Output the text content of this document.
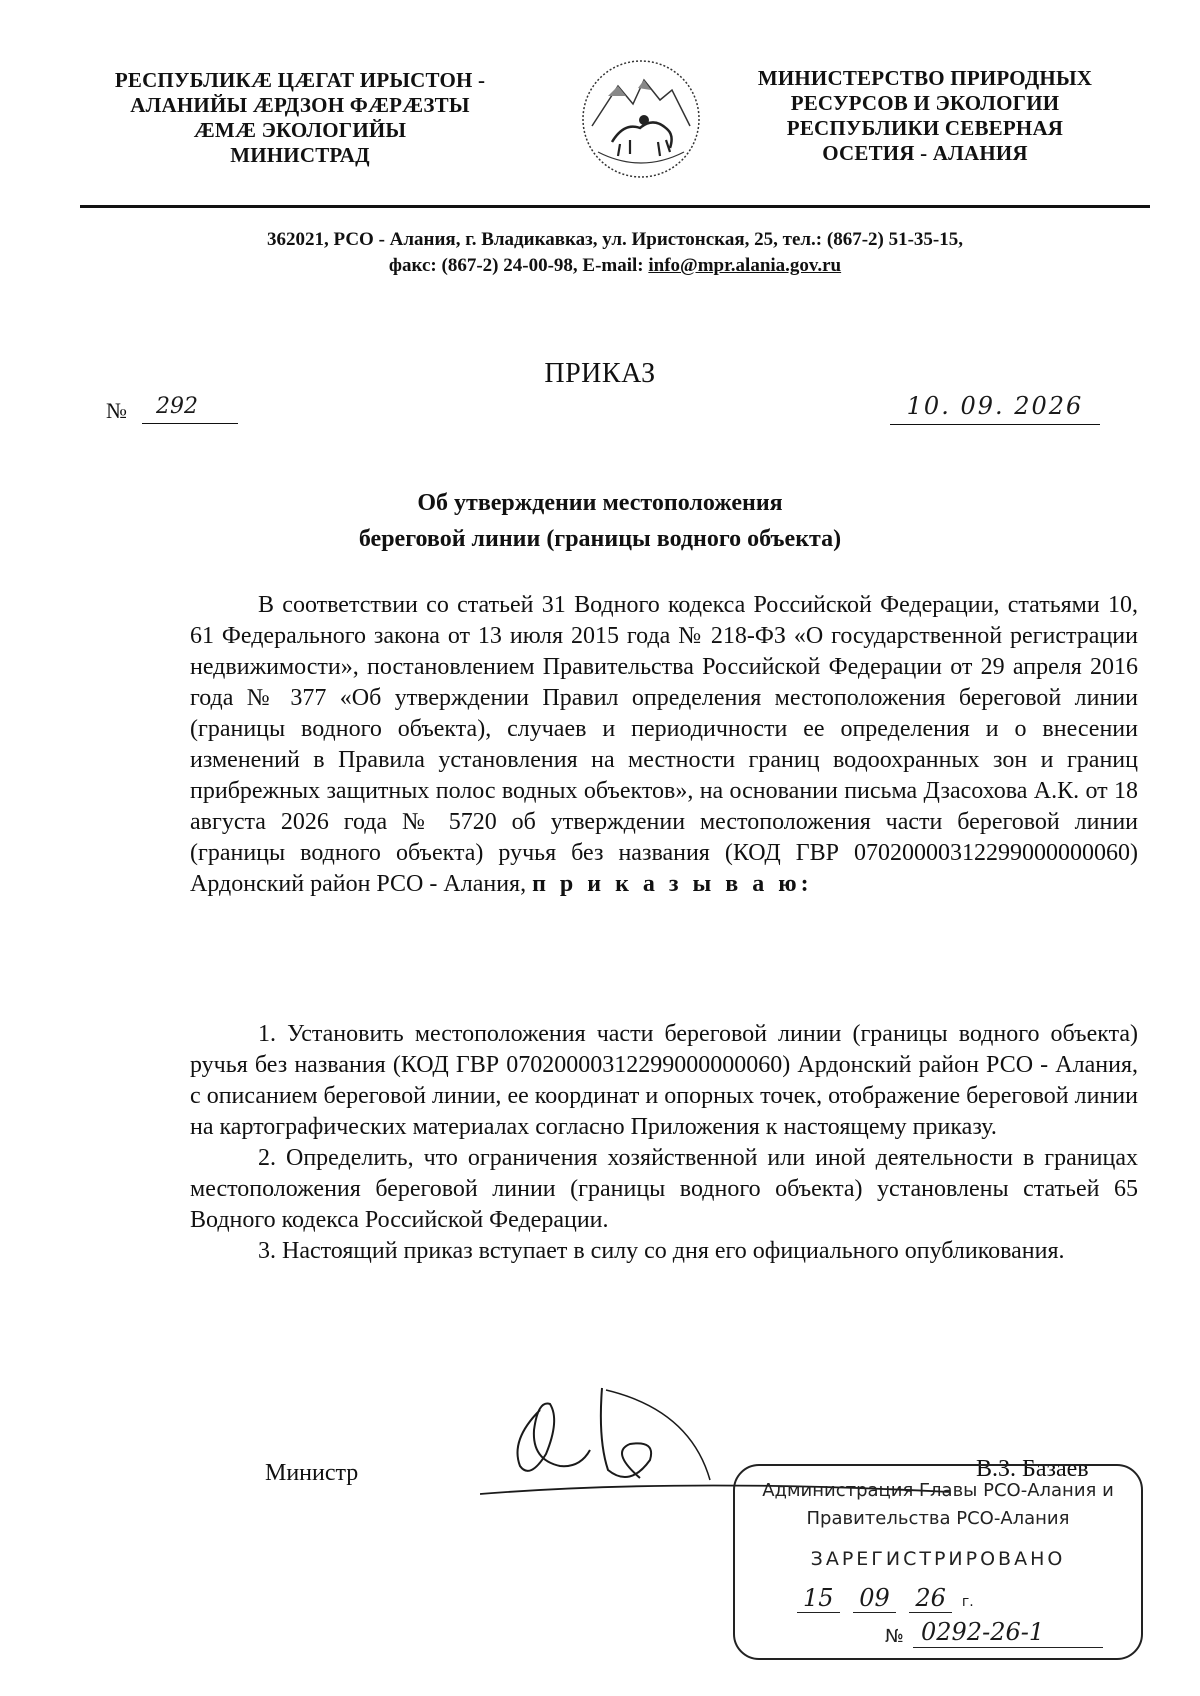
РЕСПУБЛИКӔ ЦӔГАТ ИРЫСТОН -
АЛАНИЙЫ ӔРДЗОН ФӔРӔЗТЫ
ӔМӔ ЭКОЛОГИЙЫ
МИНИСТРАД
МИНИСТЕРСТВО ПРИРОДНЫХ
РЕСУРСОВ И ЭКОЛОГИИ
РЕСПУБЛИКИ СЕВЕРНАЯ
ОСЕТИЯ - АЛАНИЯ
362021, РСО - Алания, г. Владикавказ, ул. Иристонская, 25, тел.: (867-2) 51-35-15,
факс: (867-2) 24-00-98, E-mail: info@mpr.alania.gov.ru
ПРИКАЗ
№	292	10. 09. 2026
Об утверждении местоположения
береговой линии (границы водного объекта)
В соответствии со статьей 31 Водного кодекса Российской Федерации, статьями 10, 61 Федерального закона от 13 июля 2015 года № 218-ФЗ «О государственной регистрации недвижимости», постановлением Правительства Российской Федерации от 29 апреля 2016 года № 377 «Об утверждении Правил определения местоположения береговой линии (границы водного объекта), случаев и периодичности ее определения и о внесении изменений в Правила установления на местности границ водоохранных зон и границ прибрежных защитных полос водных объектов», на основании письма Дзасохова А.К. от 18 августа 2026 года № 5720 об утверждении местоположения части береговой линии (границы водного объекта) ручья без названия (КОД ГВР 07020000312299000000060) Ардонский район РСО - Алания, п р и к а з ы в а ю:

1. Установить местоположения части береговой линии (границы водного объекта) ручья без названия (КОД ГВР 07020000312299000000060) Ардонский район РСО - Алания, с описанием береговой линии, ее координат и опорных точек, отображение береговой линии на картографических материалах согласно Приложения к настоящему приказу.

2. Определить, что ограничения хозяйственной или иной деятельности в границах местоположения береговой линии (границы водного объекта) установлены статьей 65 Водного кодекса Российской Федерации.

3. Настоящий приказ вступает в силу со дня его официального опубликования.

Министр	В.З. Базаев
Администрация Главы РСО-Алания и
Правительства РСО-Алания
ЗАРЕГИСТРИРОВАНО
15 09 26 г.
№ 0292-26-1
